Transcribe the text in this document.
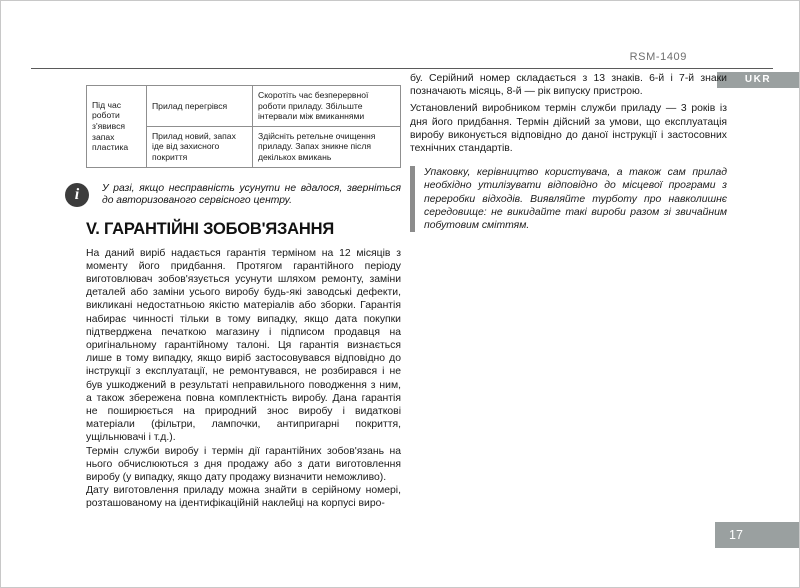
RSM-1409
UKR
Під час роботи з'явився запах пластика	Прилад перегрівся	Скоротіть час безперервної роботи приладу. Збільште інтервали між вмиканнями
	Прилад новий, запах іде від захисного покриття	Здійсніть ретельне очищення приладу. Запах зникне після декількох вмикань
i	У разі, якщо несправність усунути не вдалося, зверніться до авторизованого сервісного центру.
V. ГАРАНТІЙНІ ЗОБОВ'ЯЗАННЯ

На даний виріб надається гарантія терміном на 12 місяців з моменту його придбання. Протягом гарантійного періоду виготовлювач зобов'язується усунути шляхом ремонту, заміни деталей або заміни усього виробу будь-які заводські дефекти, викликані недостатньою якістю матеріалів або зборки. Гарантія набирає чинності тільки в тому випадку, якщо дата покупки підтверджена печаткою магазину і підписом продавця на оригінальному гарантійному талоні. Ця гарантія визнається лише в тому випадку, якщо виріб застосовувався відповідно до інструкції з експлуатації, не ремонтувався, не розбирався і не був ушкоджений в результаті неправильного поводження з ним, а також збережена повна комплектність виробу. Дана гарантія не поширюється на природний знос виробу і видаткові матеріали (фільтри, лампочки, антипригарні покриття, ущільнювачі і т.д.).

Термін служби виробу і термін дії гарантійних зобов'язань на нього обчислюються з дня продажу або з дати виготовлення виробу (у випадку, якщо дату продажу визначити неможливо).

Дату виготовлення приладу можна знайти в серійному номері, розташованому на ідентифікаційній наклейці на корпусі виро-

бу. Серійний номер складається з 13 знаків. 6-й і 7-й знаки позначають місяць, 8-й — рік випуску пристрою.

Установлений виробником термін служби приладу — 3 років із дня його придбання. Термін дійсний за умови, що експлуатація виробу виконується відповідно до даної інструкції і застосовних технічних стандартів.

Упаковку, керівництво користувача, а також сам прилад необхідно утилізувати відповідно до місцевої програми з переробки відходів. Виявляйте турботу про навколишнє середовище: не викидайте такі вироби разом зі звичайним побутовим сміттям.
17
